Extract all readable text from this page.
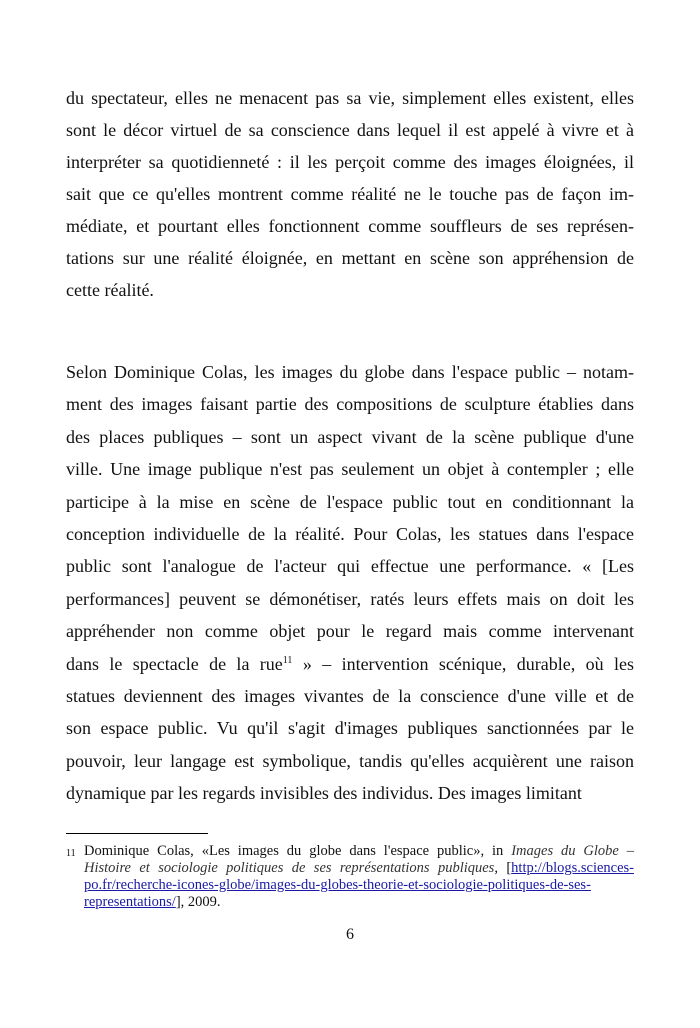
du spectateur, elles ne menacent pas sa vie, simplement elles existent, elles
sont le décor virtuel de sa conscience dans lequel il est appelé à vivre et à
interpréter sa quotidienneté : il les perçoit comme des images éloignées, il
sait que ce qu'elles montrent comme réalité ne le touche pas de façon im-
médiate, et pourtant elles fonctionnent comme souffleurs de ses représen-
tations sur une réalité éloignée, en mettant en scène son appréhension de
cette réalité.
Selon Dominique Colas, les images du globe dans l'espace public – notam-
ment des images faisant partie des compositions de sculpture établies dans
des places publiques – sont un aspect vivant de la scène publique d'une
ville. Une image publique n'est pas seulement un objet à contempler ; elle
participe à la mise en scène de l'espace public tout en conditionnant la
conception individuelle de la réalité. Pour Colas, les statues dans l'espace
public sont l'analogue de l'acteur qui effectue une performance. « [Les
performances] peuvent se démonétiser, ratés leurs effets mais on doit les
appréhender non comme objet pour le regard mais comme intervenant
dans le spectacle de la rue$^{11}$ » – intervention scénique, durable, où les
statues deviennent des images vivantes de la conscience d'une ville et de
son espace public. Vu qu'il s'agit d'images publiques sanctionnées par le
pouvoir, leur langage est symbolique, tandis qu'elles acquièrent une raison
dynamique par les regards invisibles des individus. Des images limitant
11 Dominique Colas, «Les images du globe dans l'espace public», in Images du Globe –
Histoire et sociologie politiques de ses représentations publiques, [http://blogs.sciences-
po.fr/recherche-icones-globe/images-du-globes-theorie-et-sociologie-politiques-de-ses-
representations/], 2009.
6
